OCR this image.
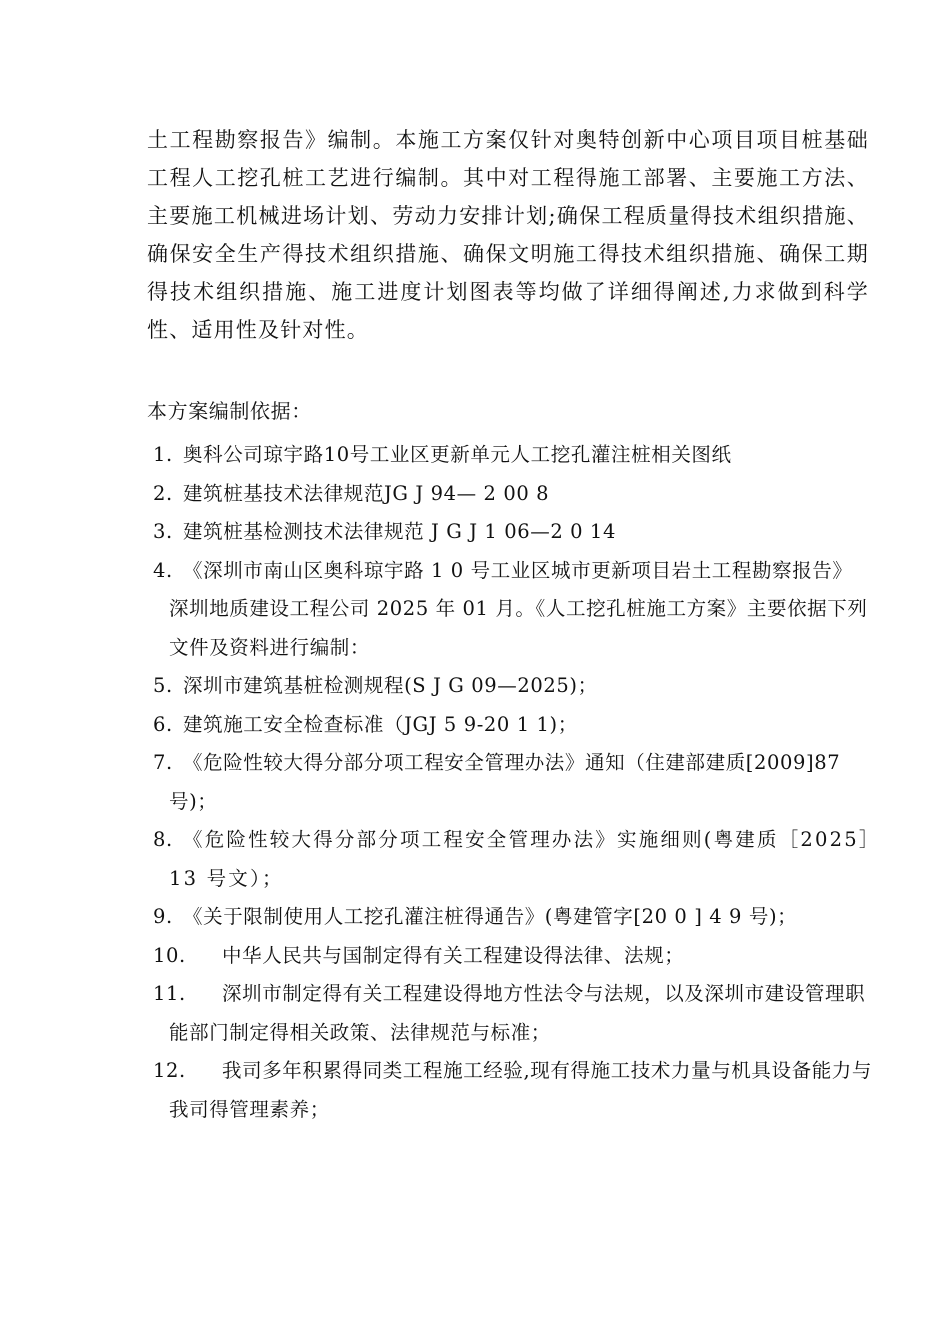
土工程勘察报告》编制。本施工方案仅针对奥特创新中心项目项目桩基础工程人工挖孔桩工艺进行编制。其中对工程得施工部署、主要施工方法、主要施工机械进场计划、劳动力安排计划;确保工程质量得技术组织措施、确保安全生产得技术组织措施、确保文明施工得技术组织措施、确保工期得技术组织措施、施工进度计划图表等均做了详细得阐述,力求做到科学性、适用性及针对性。

本方案编制依据：

1. 奥科公司琼宇路10号工业区更新单元人工挖孔灌注桩相关图纸
2. 建筑桩基技术法律规范JG J 94— 2 00 8
3. 建筑桩基检测技术法律规范 J G J 1 06—2 0 14
4. 《深圳市南山区奥科琼宇路 1 0 号工业区城市更新项目岩土工程勘察报告》深圳地质建设工程公司 2025 年 01 月。《人工挖孔桩施工方案》主要依据下列文件及资料进行编制：
5. 深圳市建筑基桩检测规程(S J G 09—2025)；
6. 建筑施工安全检查标准（JGJ 5 9-20 1 1)；
7. 《危险性较大得分部分项工程安全管理办法》通知（住建部建质[2009]87 号)；
8. 《危险性较大得分部分项工程安全管理办法》实施细则(粤建质［2025］13 号文）；
9. 《关于限制使用人工挖孔灌注桩得通告》(粤建管字[20 0 ] 4 9 号)；
10.	中华人民共与国制定得有关工程建设得法律、法规；
11.	深圳市制定得有关工程建设得地方性法令与法规，以及深圳市建设管理职能部门制定得相关政策、法律规范与标准；
12.	我司多年积累得同类工程施工经验,现有得施工技术力量与机具设备能力与我司得管理素养；
